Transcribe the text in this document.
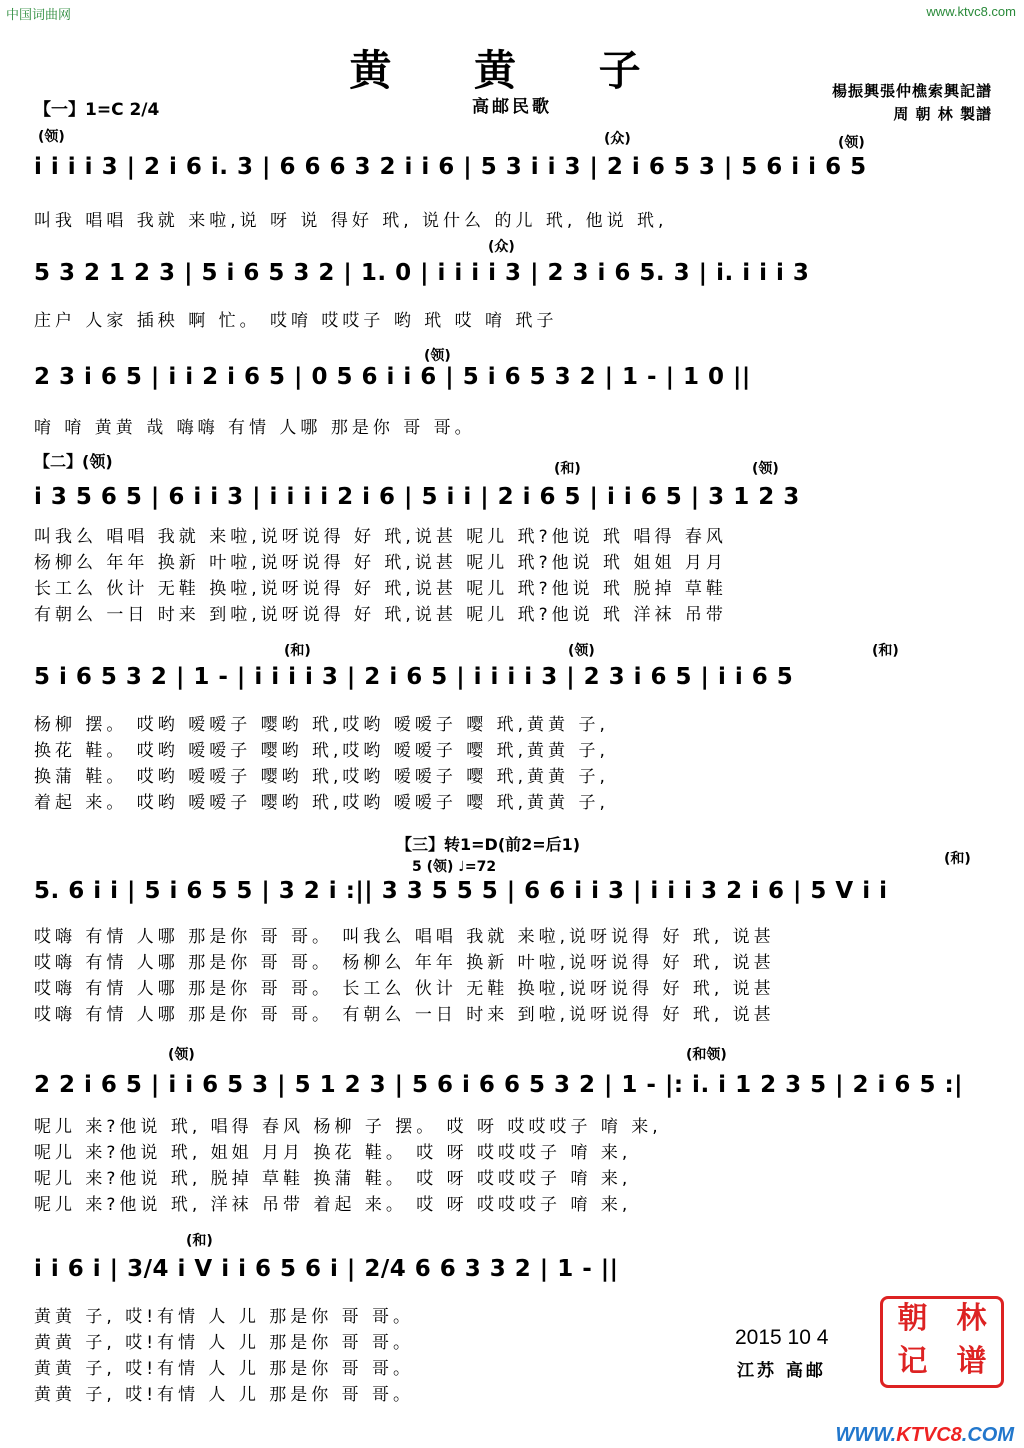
中国词曲网	www.ktvc8.com
黄 黄 子
高邮民歌
楊振興張仲樵索興記譜
周 朝 林 製譜
【一】1=C 2/4
(领)	(众)	(领)
i i i i 3 | 2 i 6 i. 3 | 6 6 6 3 2 i i 6 | 5 3 i i 3 | 2 i 6 5 3 | 5 6 i i 6 5
叫我 唱唱 我就 来啦,说 呀 说 得好 玳, 说什么 的儿 玳, 他说 玳,
(众)
5 3 2 1 2 3 | 5 i 6 5 3 2 | 1. 0 | i i i i 3 | 2 3 i 6 5. 3 | i. i i i 3
庄户 人家 插秧 啊 忙。 哎唷 哎哎子 哟 玳 哎 唷 玳子
(领)
2 3 i 6 5 | i i 2 i 6 5 | 0 5 6 i i 6 | 5 i 6 5 3 2 | 1 - | 1 0 ||
唷 唷 黄黄 哉 嗨嗨 有情 人哪 那是你 哥 哥。
【二】(领)	(和)	(领)
i 3 5 6 5 | 6 i i 3 | i i i i 2 i 6 | 5 i i | 2 i 6 5 | i i 6 5 | 3 1 2 3
叫我么 唱唱 我就 来啦,说呀说得 好 玳,说甚 呢儿 玳?他说 玳 唱得 春风
杨柳么 年年 换新 叶啦,说呀说得 好 玳,说甚 呢儿 玳?他说 玳 姐姐 月月
长工么 伙计 无鞋 换啦,说呀说得 好 玳,说甚 呢儿 玳?他说 玳 脱掉 草鞋
有朝么 一日 时来 到啦,说呀说得 好 玳,说甚 呢儿 玳?他说 玳 洋袜 吊带
(和)	(领)	(和)
5 i 6 5 3 2 | 1 - | i i i i 3 | 2 i 6 5 | i i i i 3 | 2 3 i 6 5 | i i 6 5
杨柳 摆。 哎哟 嗳嗳子 嘤哟 玳,哎哟 嗳嗳子 嘤 玳,黄黄 子,
换花 鞋。 哎哟 嗳嗳子 嘤哟 玳,哎哟 嗳嗳子 嘤 玳,黄黄 子,
换蒲 鞋。 哎哟 嗳嗳子 嘤哟 玳,哎哟 嗳嗳子 嘤 玳,黄黄 子,
着起 来。 哎哟 嗳嗳子 嘤哟 玳,哎哟 嗳嗳子 嘤 玳,黄黄 子,
【三】转1=D(前2=后1)
5 (领) ♩=72	(和)
5. 6 i i | 5 i 6 5 5 | 3 2 i :|| 3 3 5 5 5 | 6 6 i i 3 | i i i 3 2 i 6 | 5 V i i
哎嗨 有情 人哪 那是你 哥 哥。 叫我么 唱唱 我就 来啦,说呀说得 好 玳, 说甚
哎嗨 有情 人哪 那是你 哥 哥。 杨柳么 年年 换新 叶啦,说呀说得 好 玳, 说甚
哎嗨 有情 人哪 那是你 哥 哥。 长工么 伙计 无鞋 换啦,说呀说得 好 玳, 说甚
哎嗨 有情 人哪 那是你 哥 哥。 有朝么 一日 时来 到啦,说呀说得 好 玳, 说甚
(领)	(和领)
2 2 i 6 5 | i i 6 5 3 | 5 1 2 3 | 5 6 i 6 6 5 3 2 | 1 - |: i. i 1 2 3 5 | 2 i 6 5 :|
呢儿 来?他说 玳, 唱得 春风 杨柳 子 摆。 哎 呀 哎哎哎子 唷 来,
呢儿 来?他说 玳, 姐姐 月月 换花 鞋。 哎 呀 哎哎哎子 唷 来,
呢儿 来?他说 玳, 脱掉 草鞋 换蒲 鞋。 哎 呀 哎哎哎子 唷 来,
呢儿 来?他说 玳, 洋袜 吊带 着起 来。 哎 呀 哎哎哎子 唷 来,
(和)
i i 6 i | 3/4 i V i i 6 5 6 i | 2/4 6 6 3 3 2 | 1 - ||
黄黄 子, 哎!有情 人 儿 那是你 哥 哥。
黄黄 子, 哎!有情 人 儿 那是你 哥 哥。
黄黄 子, 哎!有情 人 儿 那是你 哥 哥。
黄黄 子, 哎!有情 人 儿 那是你 哥 哥。
2015 10 4
江苏 高邮
朝 林
记 谱
WWW.KTVC8.COM
